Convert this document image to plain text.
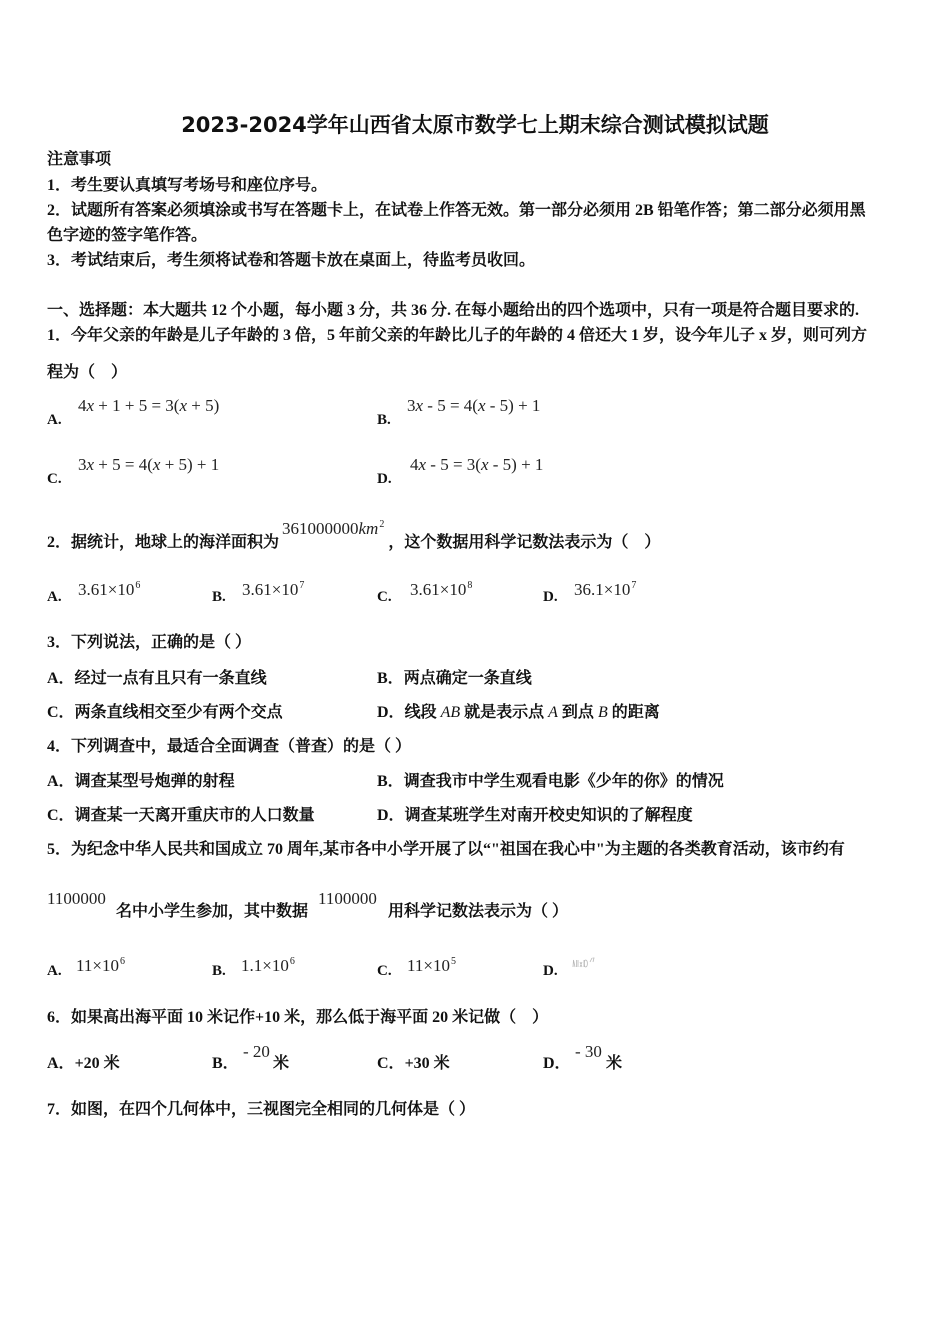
2023-2024学年山西省太原市数学七上期末综合测试模拟试题
注意事项
1．考生要认真填写考场号和座位序号。
2．试题所有答案必须填涂或书写在答题卡上，在试卷上作答无效。第一部分必须用 2B 铅笔作答；第二部分必须用黑
色字迹的签字笔作答。
3．考试结束后，考生须将试卷和答题卡放在桌面上，待监考员收回。
一、选择题：本大题共 12 个小题，每小题 3 分，共 36 分. 在每小题给出的四个选项中，只有一项是符合题目要求的.
1．今年父亲的年龄是儿子年龄的 3 倍，5 年前父亲的年龄比儿子的年龄的 4 倍还大 1 岁，设今年儿子 x 岁，则可列方
程为（　）
A.
4x + 1 + 5 = 3(x + 5)
B.
3x - 5 = 4(x - 5) + 1
C.
3x + 5 = 4(x + 5) + 1
D.
4x - 5 = 3(x - 5) + 1
2．据统计，地球上的海洋面积为$361000000km^2$，这个数据用科学记数法表示为（　）
A. $3.61\times 10^6$
B. $3.61\times 10^7$
C. $3.61\times 10^8$
D. $36.1\times 10^7$
3．下列说法，正确的是（ ）
A．经过一点有且只有一条直线	B．两点确定一条直线
C．两条直线相交至少有两个交点	D．线段 AB 就是表示点 A 到点 B 的距离
4．下列调查中，最适合全面调查（普查）的是（ ）
A．调查某型号炮弹的射程	B．调查我市中学生观看电影《少年的你》的情况
C．调查某一天离开重庆市的人口数量	D．调查某班学生对南开校史知识的了解程度
5．为纪念中华人民共和国成立 70 周年,某市各中小学开展了以“"祖国在我心中"为主题的各类教育活动，该市约有
1100000
名中小学生参加，其中数据
1100000
用科学记数法表示为（ ）
A. $11\times 10^6$
B. $1.1\times 10^6$
C. $11\times 10^5$
D.
6．如果高出海平面 10 米记作+10 米，那么低于海平面 20 米记做（　）
A．+20 米	B．
- 20
米	C．+30 米	D．
- 30
米
7．如图，在四个几何体中，三视图完全相同的几何体是（ ）
